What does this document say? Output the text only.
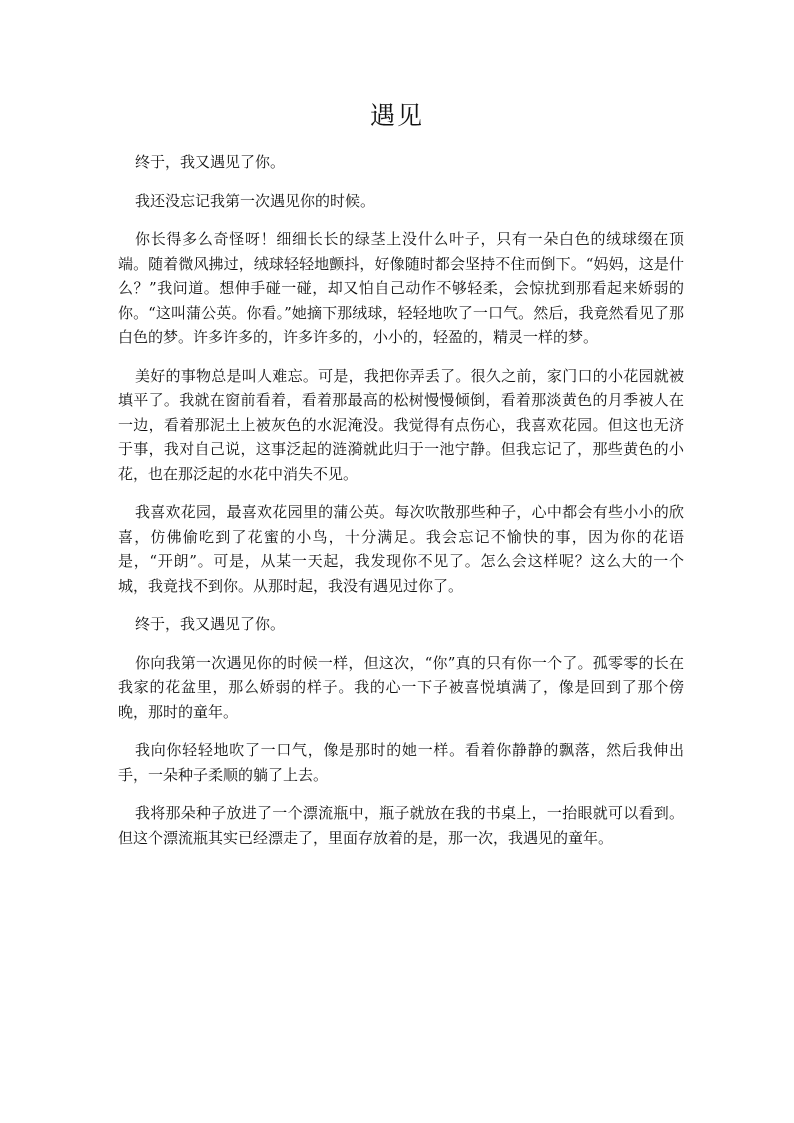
遇见

终于，我又遇见了你。

我还没忘记我第一次遇见你的时候。

你长得多么奇怪呀！细细长长的绿茎上没什么叶子，只有一朵白色的绒球缀在顶端。随着微风拂过，绒球轻轻地颤抖，好像随时都会坚持不住而倒下。“妈妈，这是什么？”我问道。想伸手碰一碰，却又怕自己动作不够轻柔，会惊扰到那看起来娇弱的你。“这叫蒲公英。你看。”她摘下那绒球，轻轻地吹了一口气。然后，我竟然看见了那白色的梦。许多许多的，许多许多的，小小的，轻盈的，精灵一样的梦。

美好的事物总是叫人难忘。可是，我把你弄丢了。很久之前，家门口的小花园就被填平了。我就在窗前看着，看着那最高的松树慢慢倾倒，看着那淡黄色的月季被人在一边，看着那泥土上被灰色的水泥淹没。我觉得有点伤心，我喜欢花园。但这也无济于事，我对自己说，这事泛起的涟漪就此归于一池宁静。但我忘记了，那些黄色的小花，也在那泛起的水花中消失不见。

我喜欢花园，最喜欢花园里的蒲公英。每次吹散那些种子，心中都会有些小小的欣喜，仿佛偷吃到了花蜜的小鸟，十分满足。我会忘记不愉快的事，因为你的花语是，“开朗”。可是，从某一天起，我发现你不见了。怎么会这样呢？这么大的一个城，我竟找不到你。从那时起，我没有遇见过你了。

终于，我又遇见了你。

你向我第一次遇见你的时候一样，但这次，“你”真的只有你一个了。孤零零的长在我家的花盆里，那么娇弱的样子。我的心一下子被喜悦填满了，像是回到了那个傍晚，那时的童年。

我向你轻轻地吹了一口气，像是那时的她一样。看着你静静的飘落，然后我伸出手，一朵种子柔顺的躺了上去。

我将那朵种子放进了一个漂流瓶中，瓶子就放在我的书桌上，一抬眼就可以看到。但这个漂流瓶其实已经漂走了，里面存放着的是，那一次，我遇见的童年。
